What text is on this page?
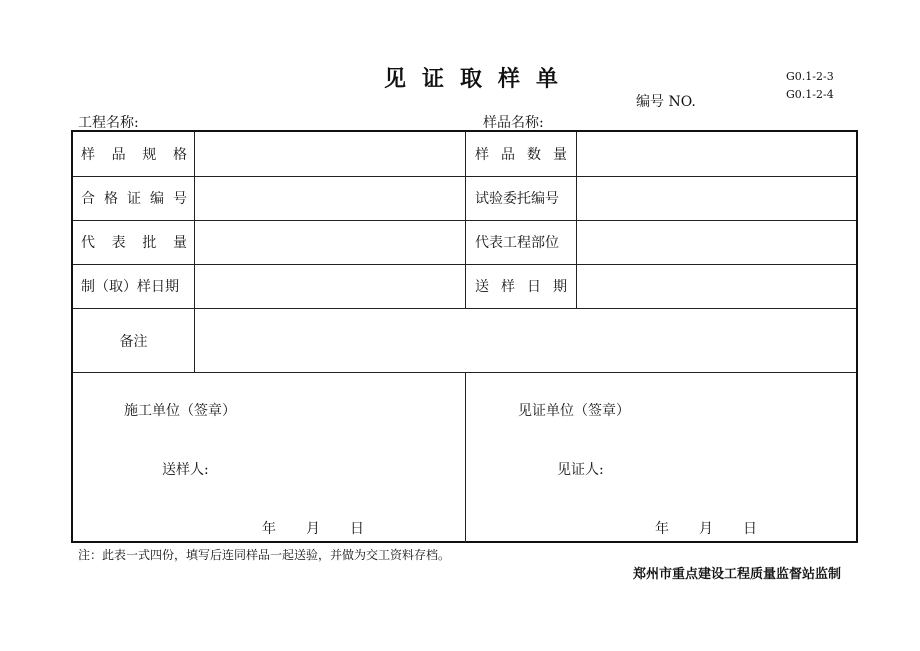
见证取样单	G0.1-2-3
G0.1-2-4
编号 NO.
工程名称:	样品名称:
样 品 规 格	样 品 数 量
合 格 证 编 号	试验委托编号
代 表 批 量	代表工程部位
制（取）样日期	送 样 日 期
备注
施工单位（签章）
送样人:
年 月 日
见证单位（签章）
见证人:
年 月 日
注：此表一式四份，填写后连同样品一起送验，并做为交工资料存档。
郑州市重点建设工程质量监督站监制
